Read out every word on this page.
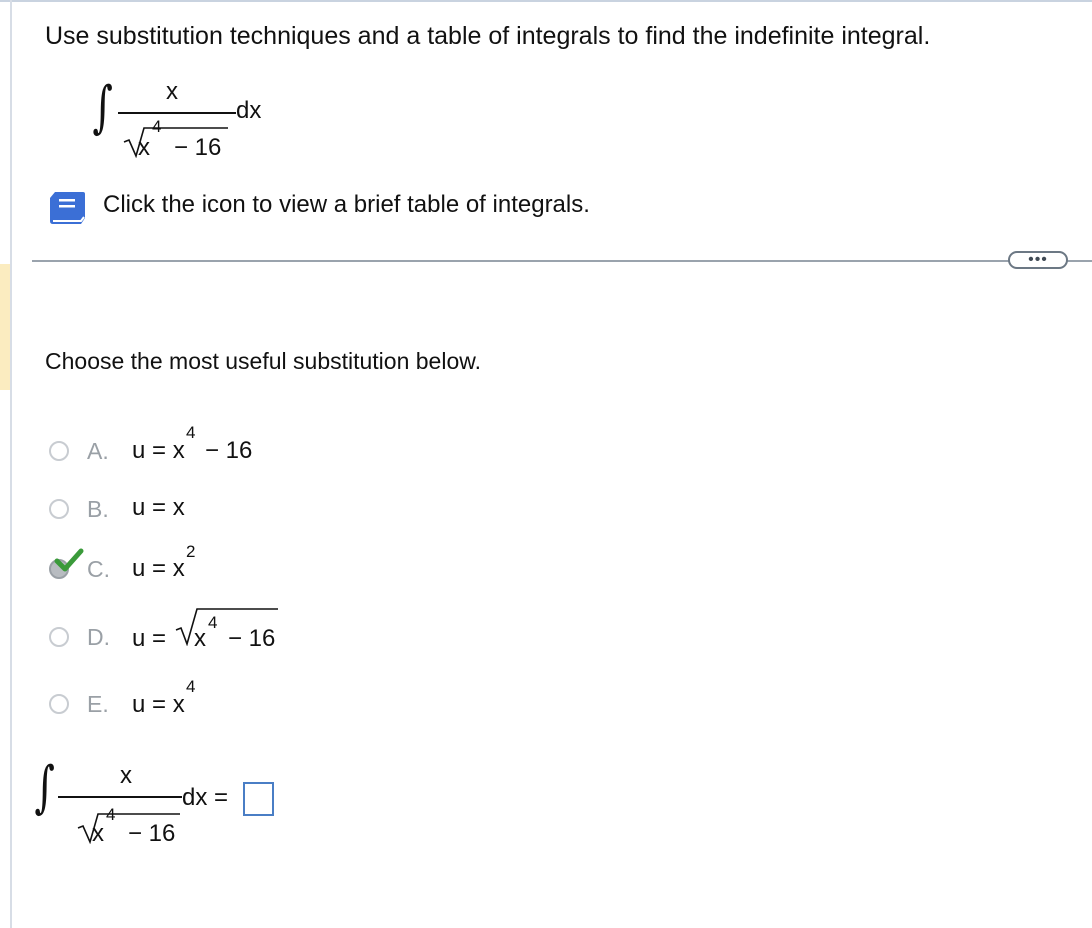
Use substitution techniques and a table of integrals to find the indefinite integral.
∫ x
x
4
− 16
dx
Click the icon to view a brief table of integrals.
•••
Choose the most useful substitution below.
A. u = x
4
− 16
B. u = x
C. u = x
2
D. u = x
4
− 16
E. u = x
4
∫	x
x
4
− 16
dx =
